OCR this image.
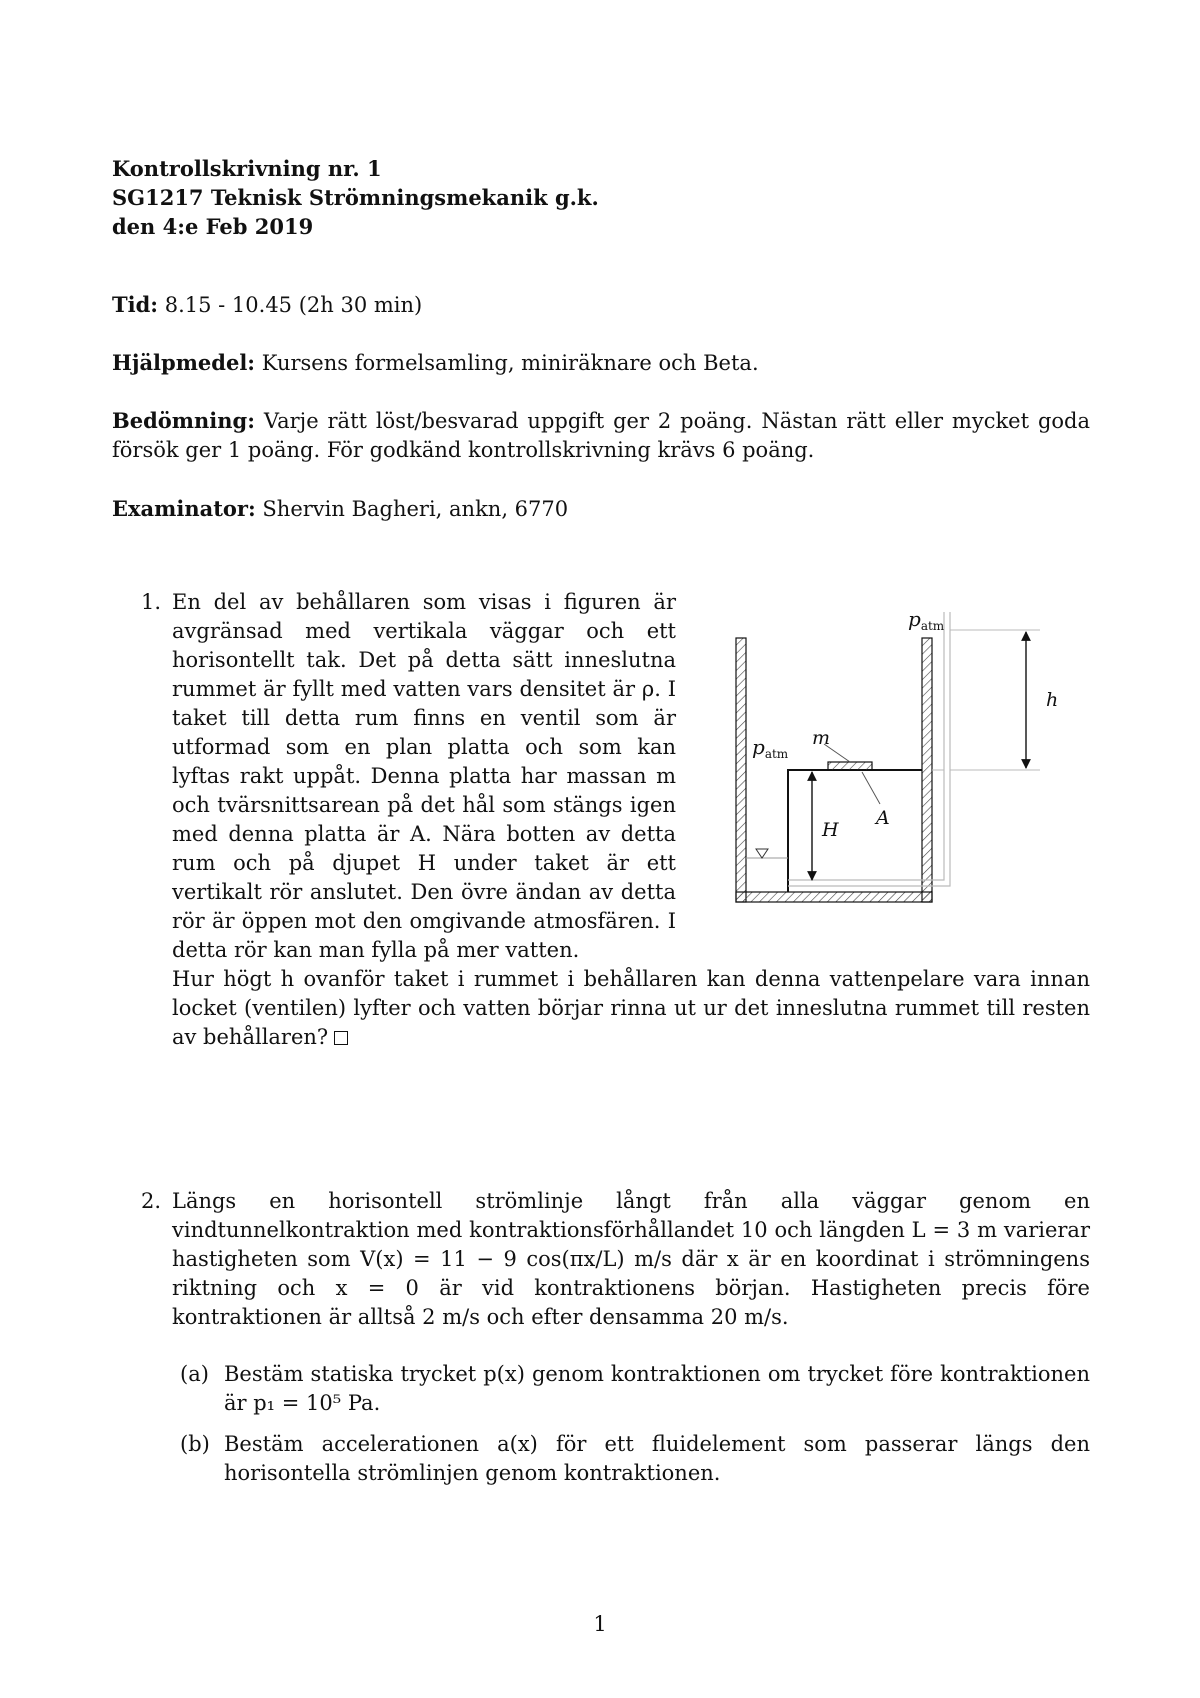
Kontrollskrivning nr. 1
SG1217 Teknisk Strömningsmekanik g.k.
den 4:e Feb 2019
Tid: 8.15 - 10.45 (2h 30 min)
Hjälpmedel: Kursens formelsamling, miniräknare och Beta.
Bedömning: Varje rätt löst/besvarad uppgift ger 2 poäng. Nästan rätt eller mycket goda försök ger 1 poäng. För godkänd kontrollskrivning krävs 6 poäng.
Examinator: Shervin Bagheri, ankn, 6770
1. En del av behållaren som visas i figuren är avgränsad med vertikala väggar och ett horisontellt tak. Det på detta sätt inneslutna rummet är fyllt med vatten vars densitet är ρ. I taket till detta rum finns en ventil som är utformad som en plan platta och som kan lyftas rakt uppåt. Denna platta har massan m och tvärsnittsarean på det hål som stängs igen med denna platta är A. Nära botten av detta rum och på djupet H under taket är ett vertikalt rör anslutet. Den övre ändan av detta rör är öppen mot den omgivande atmosfären. I detta rör kan man fylla på mer vatten.
$p_{atm}$
$p_{atm}$
m
A
H
h
Hur högt h ovanför taket i rummet i behållaren kan denna vattenpelare vara innan locket (ventilen) lyfter och vatten börjar rinna ut ur det inneslutna rummet till resten av behållaren?
2. Längs en horisontell strömlinje långt från alla väggar genom en vindtunnelkontraktion med kontraktionsförhållandet 10 och längden L = 3 m varierar hastigheten som V(x) = 11 − 9 cos(πx/L) m/s där x är en koordinat i strömningens riktning och x = 0 är vid kontraktionens början. Hastigheten precis före kontraktionen är alltså 2 m/s och efter densamma 20 m/s.
(a) Bestäm statiska trycket p(x) genom kontraktionen om trycket före kontraktionen är p₁ = 10⁵ Pa.
(b) Bestäm accelerationen a(x) för ett fluidelement som passerar längs den horisontella strömlinjen genom kontraktionen.
1
